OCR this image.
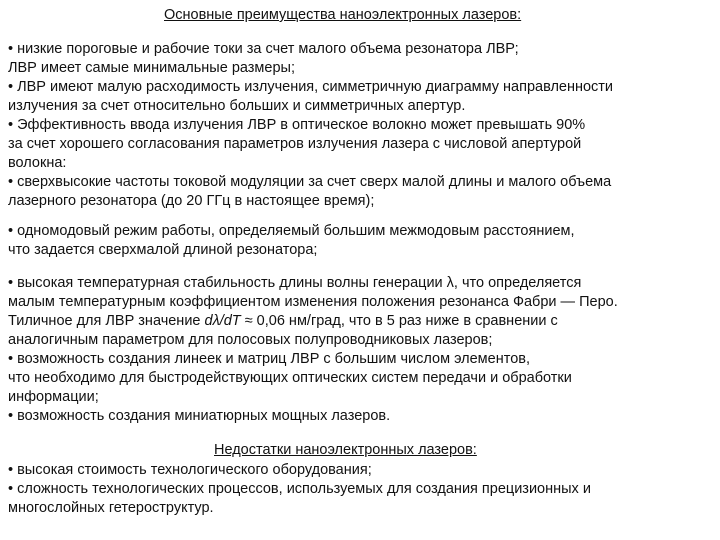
Основные преимущества наноэлектронных лазеров:
• низкие пороговые и рабочие токи за счет малого объема резонатора ЛВР;
ЛВР имеет самые минимальные размеры;
• ЛВР имеют малую расходимость излучения, симметричную диаграмму направленности
излучения за счет относительно больших и симметричных апертур.
• Эффективность ввода излучения ЛВР в оптическое волокно может превышать 90%
за счет хорошего согласования параметров излучения лазера с числовой апертурой
волокна:
• сверхвысокие частоты токовой модуляции за счет сверх малой длины и малого объема
лазерного резонатора (до 20 ГГц в настоящее время);
• одномодовый режим работы, определяемый большим межмодовым расстоянием,
что задается сверхмалой длиной резонатора;
• высокая температурная стабильность длины волны генерации λ, что определяется
малым температурным коэффициентом изменения положения резонанса Фабри — Перо.
Тиличное для ЛВР значение dλ/dT ≈ 0,06 нм/град, что в 5 раз ниже в сравнении с
аналогичным параметром для полосовых полупроводниковых лазеров;
• возможность создания линеек и матриц ЛВР с большим числом элементов,
что необходимо для быстродействующих оптических систем передачи и обработки
информации;
• возможность создания миниатюрных мощных лазеров.
Недостатки наноэлектронных лазеров:
• высокая стоимость технологического оборудования;
• сложность технологических процессов, используемых для создания прецизионных и
многослойных гетероструктур.
